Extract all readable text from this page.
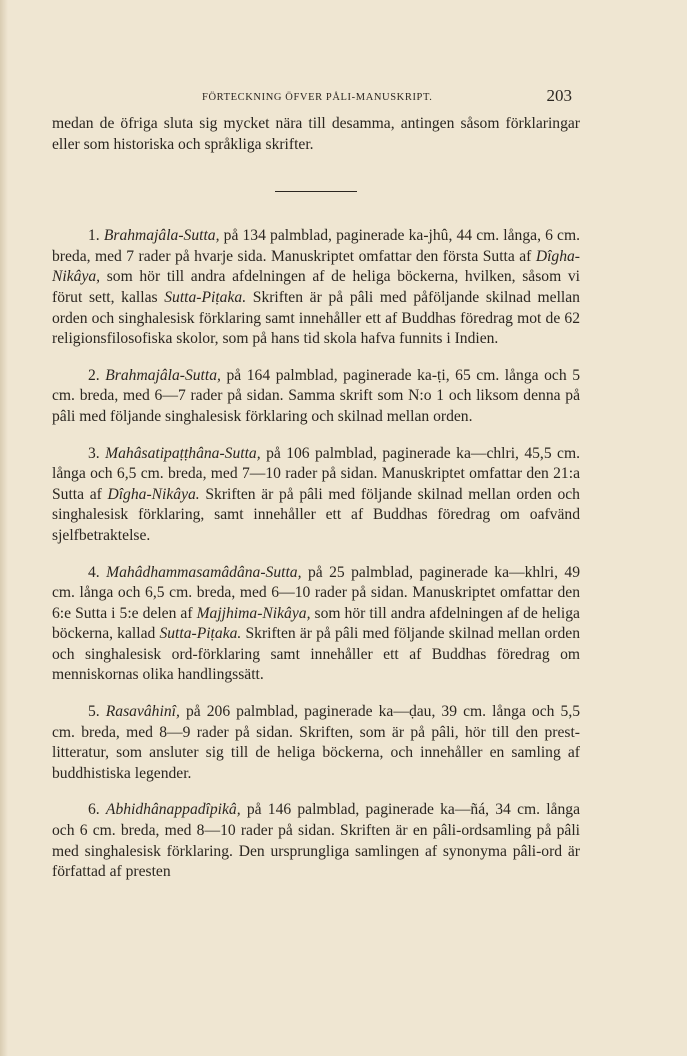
FÖRTECKNING ÖFVER PÅLI-MANUSKRIPT.	203

medan de öfriga sluta sig mycket nära till desamma, antingen såsom förklaringar eller som historiska och språkliga skrifter.

1. Brahmajâla-Sutta, på 134 palmblad, paginerade ka-jhû, 44 cm. långa, 6 cm. breda, med 7 rader på hvarje sida. Manuskriptet omfattar den första Sutta af Dîgha-Nikâya, som hör till andra afdelningen af de heliga böckerna, hvilken, såsom vi förut sett, kallas Sutta-Piṭaka. Skriften är på pâli med påföljande skilnad mellan orden och singhalesisk förklaring samt innehåller ett af Buddhas föredrag mot de 62 religionsfilosofiska skolor, som på hans tid skola hafva funnits i Indien.

2. Brahmajâla-Sutta, på 164 palmblad, paginerade ka-ṭi, 65 cm. långa och 5 cm. breda, med 6—7 rader på sidan. Samma skrift som N:o 1 och liksom denna på pâli med följande singhalesisk förklaring och skilnad mellan orden.

3. Mahâsatipaṭṭhâna-Sutta, på 106 palmblad, paginerade ka—chlri, 45,5 cm. långa och 6,5 cm. breda, med 7—10 rader på sidan. Manuskriptet omfattar den 21:a Sutta af Dîgha-Nikâya. Skriften är på pâli med följande skilnad mellan orden och singhalesisk förklaring, samt innehåller ett af Buddhas föredrag om oafvänd sjelfbetraktelse.

4. Mahâdhammasamâdâna-Sutta, på 25 palmblad, paginerade ka—khlri, 49 cm. långa och 6,5 cm. breda, med 6—10 rader på sidan. Manuskriptet omfattar den 6:e Sutta i 5:e delen af Majjhima-Nikâya, som hör till andra afdelningen af de heliga böckerna, kallad Sutta-Piṭaka. Skriften är på pâli med följande skilnad mellan orden och singhalesisk ord-förklaring samt innehåller ett af Buddhas föredrag om menniskornas olika handlingssätt.

5. Rasavâhinî, på 206 palmblad, paginerade ka—ḍau, 39 cm. långa och 5,5 cm. breda, med 8—9 rader på sidan. Skriften, som är på pâli, hör till den prest-litteratur, som ansluter sig till de heliga böckerna, och innehåller en samling af buddhistiska legender.

6. Abhidhânappadîpikâ, på 146 palmblad, paginerade ka—ñá, 34 cm. långa och 6 cm. breda, med 8—10 rader på sidan. Skriften är en pâli-ordsamling på pâli med singhalesisk förklaring. Den ursprungliga samlingen af synonyma pâli-ord är författad af presten
